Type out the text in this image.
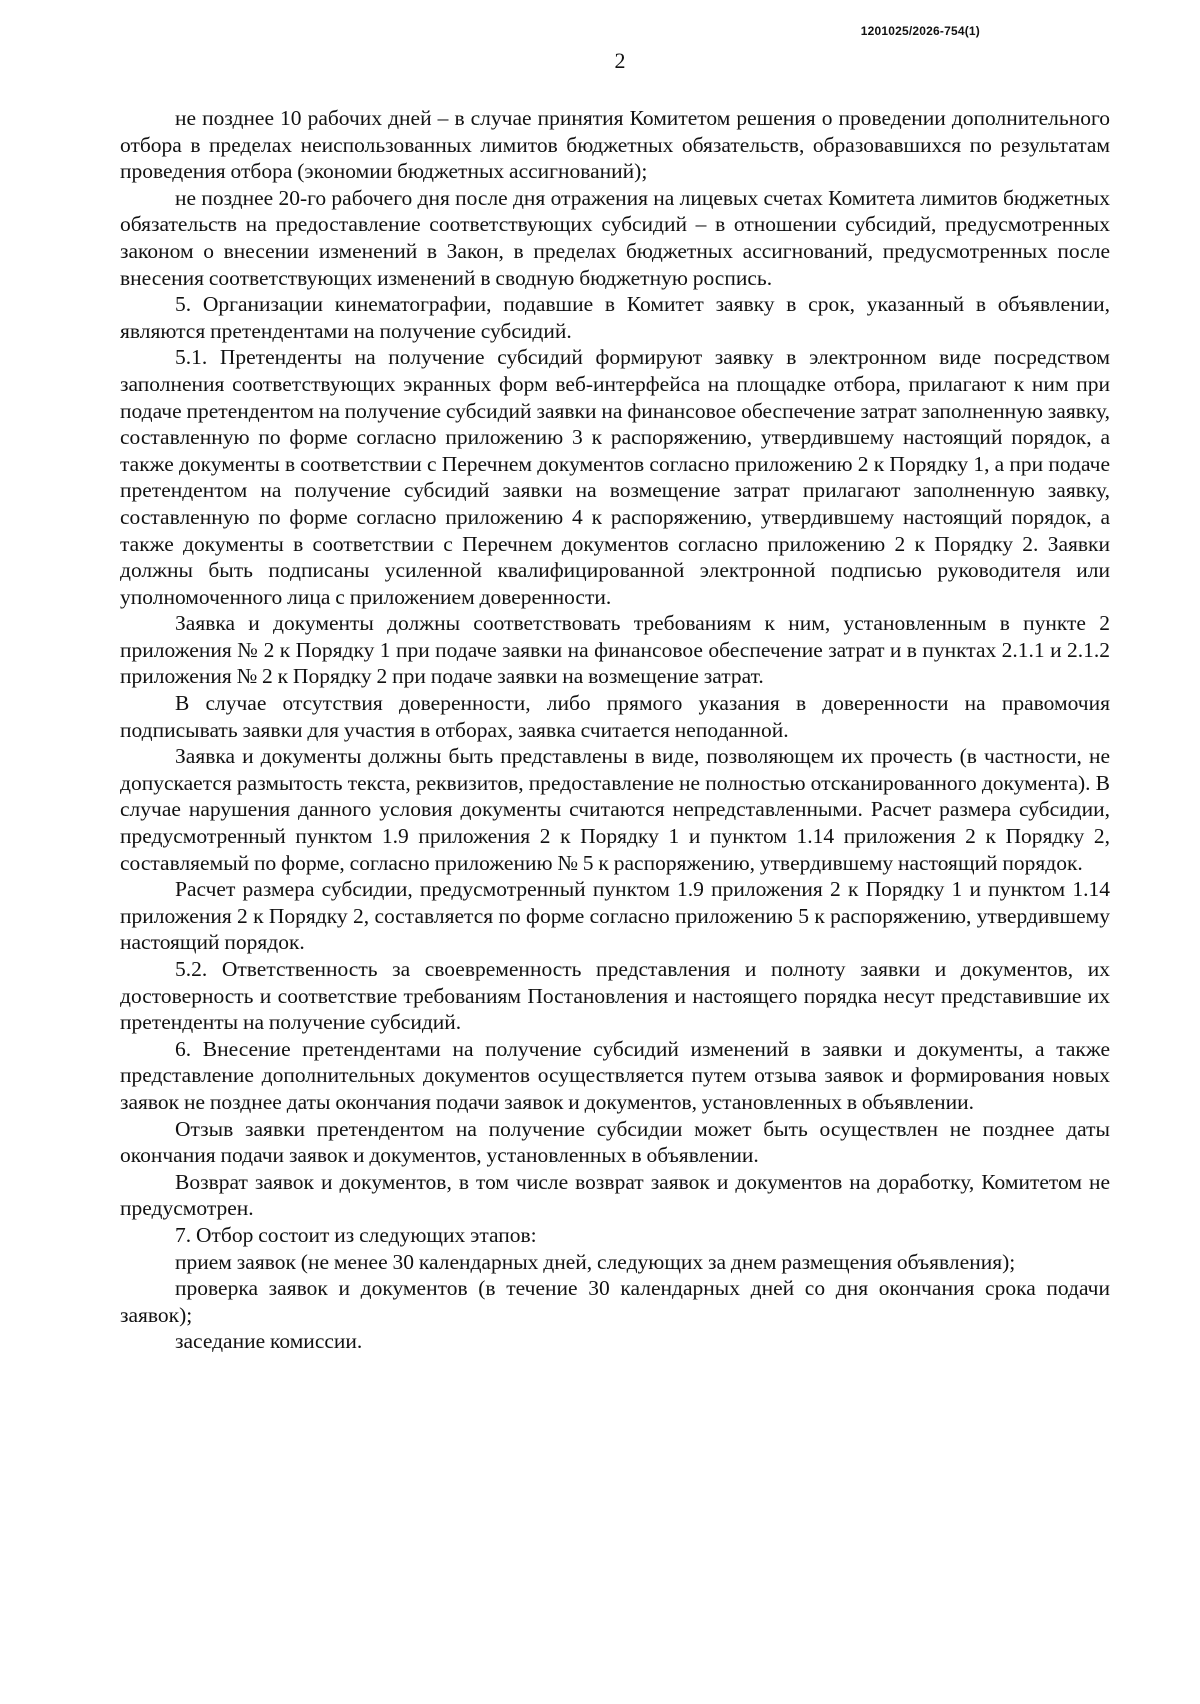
1201025/2026-754(1)
2

не позднее 10 рабочих дней – в случае принятия Комитетом решения о проведении дополнительного отбора в пределах неиспользованных лимитов бюджетных обязательств, образовавшихся по результатам проведения отбора (экономии бюджетных ассигнований);

не позднее 20-го рабочего дня после дня отражения на лицевых счетах Комитета лимитов бюджетных обязательств на предоставление соответствующих субсидий – в отношении субсидий, предусмотренных законом о внесении изменений в Закон, в пределах бюджетных ассигнований, предусмотренных после внесения соответствующих изменений в сводную бюджетную роспись.

5. Организации кинематографии, подавшие в Комитет заявку в срок, указанный в объявлении, являются претендентами на получение субсидий.

5.1. Претенденты на получение субсидий формируют заявку в электронном виде посредством заполнения соответствующих экранных форм веб-интерфейса на площадке отбора, прилагают к ним при подаче претендентом на получение субсидий заявки на финансовое обеспечение затрат заполненную заявку, составленную по форме согласно приложению 3 к распоряжению, утвердившему настоящий порядок, а также документы в соответствии с Перечнем документов согласно приложению 2 к Порядку 1, а при подаче претендентом на получение субсидий заявки на возмещение затрат прилагают заполненную заявку, составленную по форме согласно приложению 4 к распоряжению, утвердившему настоящий порядок, а также документы в соответствии с Перечнем документов согласно приложению 2 к Порядку 2. Заявки должны быть подписаны усиленной квалифицированной электронной подписью руководителя или уполномоченного лица с приложением доверенности.

Заявка и документы должны соответствовать требованиям к ним, установленным в пункте 2 приложения № 2 к Порядку 1 при подаче заявки на финансовое обеспечение затрат и в пунктах 2.1.1 и 2.1.2 приложения № 2 к Порядку 2 при подаче заявки на возмещение затрат.

В случае отсутствия доверенности, либо прямого указания в доверенности на правомочия подписывать заявки для участия в отборах, заявка считается неподанной.

Заявка и документы должны быть представлены в виде, позволяющем их прочесть (в частности, не допускается размытость текста, реквизитов, предоставление не полностью отсканированного документа). В случае нарушения данного условия документы считаются непредставленными. Расчет размера субсидии, предусмотренный пунктом 1.9 приложения 2 к Порядку 1 и пунктом 1.14 приложения 2 к Порядку 2, составляемый по форме, согласно приложению № 5 к распоряжению, утвердившему настоящий порядок.

Расчет размера субсидии, предусмотренный пунктом 1.9 приложения 2 к Порядку 1 и пунктом 1.14 приложения 2 к Порядку 2, составляется по форме согласно приложению 5 к распоряжению, утвердившему настоящий порядок.

5.2. Ответственность за своевременность представления и полноту заявки и документов, их достоверность и соответствие требованиям Постановления и настоящего порядка несут представившие их претенденты на получение субсидий.

6. Внесение претендентами на получение субсидий изменений в заявки и документы, а также представление дополнительных документов осуществляется путем отзыва заявок и формирования новых заявок не позднее даты окончания подачи заявок и документов, установленных в объявлении.

Отзыв заявки претендентом на получение субсидии может быть осуществлен не позднее даты окончания подачи заявок и документов, установленных в объявлении.

Возврат заявок и документов, в том числе возврат заявок и документов на доработку, Комитетом не предусмотрен.

7. Отбор состоит из следующих этапов:

прием заявок (не менее 30 календарных дней, следующих за днем размещения объявления);

проверка заявок и документов (в течение 30 календарных дней со дня окончания срока подачи заявок);

заседание комиссии.
